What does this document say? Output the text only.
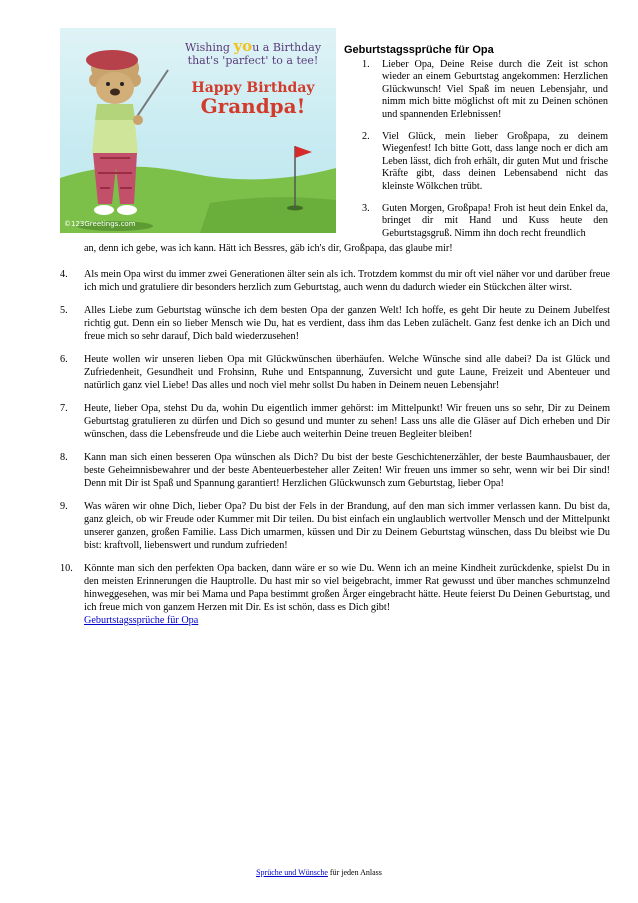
Wishing you a Birthday
that's 'parfect' to a tee!
Happy Birthday
Grandpa!
©123Greetings.com
Geburtstagssprüche für Opa
1.	Lieber Opa, Deine Reise durch die Zeit ist schon wieder an einem Geburtstag angekommen: Herzlichen Glückwunsch! Viel Spaß im neuen Lebensjahr, und nimm mich bitte möglichst oft mit zu Deinen schönen und spannenden Erlebnissen!
2.	Viel Glück, mein lieber Großpapa, zu deinem Wiegenfest! Ich bitte Gott, dass lange noch er dich am Leben lässt, dich froh erhält, dir guten Mut und frische Kräfte gibt, dass deinen Lebensabend nicht das kleinste Wölkchen trübt.
3.	Guten Morgen, Großpapa! Froh ist heut dein Enkel da, bringet dir mit Hand und Kuss heute den Geburtstagsgruß. Nimm ihn doch recht freundlich
an, denn ich gebe, was ich kann. Hätt ich Bessres, gäb ich's dir, Großpapa, das glaube mir!
4.	Als mein Opa wirst du immer zwei Generationen älter sein als ich. Trotzdem kommst du mir oft viel näher vor und darüber freue ich mich und gratuliere dir besonders herzlich zum Geburtstag, auch wenn du dadurch wieder ein Stückchen älter wirst.
5.	Alles Liebe zum Geburtstag wünsche ich dem besten Opa der ganzen Welt! Ich hoffe, es geht Dir heute zu Deinem Jubelfest richtig gut. Denn ein so lieber Mensch wie Du, hat es verdient, dass ihm das Leben zulächelt. Ganz fest denke ich an Dich und freue mich so sehr darauf, Dich bald wiederzusehen!
6.	Heute wollen wir unseren lieben Opa mit Glückwünschen überhäufen. Welche Wünsche sind alle dabei? Da ist Glück und Zufriedenheit, Gesundheit und Frohsinn, Ruhe und Entspannung, Zuversicht und gute Laune, Freizeit und Abenteuer und natürlich ganz viel Liebe! Das alles und noch viel mehr sollst Du haben in Deinem neuen Lebensjahr!
7.	Heute, lieber Opa, stehst Du da, wohin Du eigentlich immer gehörst: im Mittelpunkt! Wir freuen uns so sehr, Dir zu Deinem Geburtstag gratulieren zu dürfen und Dich so gesund und munter zu sehen! Lass uns alle die Gläser auf Dich erheben und Dir wünschen, dass die Lebensfreude und die Liebe auch weiterhin Deine treuen Begleiter bleiben!
8.	Kann man sich einen besseren Opa wünschen als Dich? Du bist der beste Geschichtenerzähler, der beste Baumhausbauer, der beste Geheimnisbewahrer und der beste Abenteuerbesteher aller Zeiten! Wir freuen uns immer so sehr, wenn wir bei Dir sind! Denn mit Dir ist Spaß und Spannung garantiert! Herzlichen Glückwunsch zum Geburtstag, lieber Opa!
9.	Was wären wir ohne Dich, lieber Opa? Du bist der Fels in der Brandung, auf den man sich immer verlassen kann. Du bist da, ganz gleich, ob wir Freude oder Kummer mit Dir teilen. Du bist einfach ein unglaublich wertvoller Mensch und der Mittelpunkt unserer ganzen, großen Familie. Lass Dich umarmen, küssen und Dir zu Deinem Geburtstag wünschen, dass Du bleibst wie Du bist: kraftvoll, liebenswert und rundum zufrieden!
10.	Könnte man sich den perfekten Opa backen, dann wäre er so wie Du. Wenn ich an meine Kindheit zurückdenke, spielst Du in den meisten Erinnerungen die Hauptrolle. Du hast mir so viel beigebracht, immer Rat gewusst und über manches schmunzelnd hinweggesehen, was mir bei Mama und Papa bestimmt großen Ärger eingebracht hätte. Heute feierst Du Deinen Geburtstag, und ich freue mich von ganzem Herzen mit Dir. Es ist schön, dass es Dich gibt!
Geburtstagssprüche für Opa
Sprüche und Wünsche für jeden Anlass
